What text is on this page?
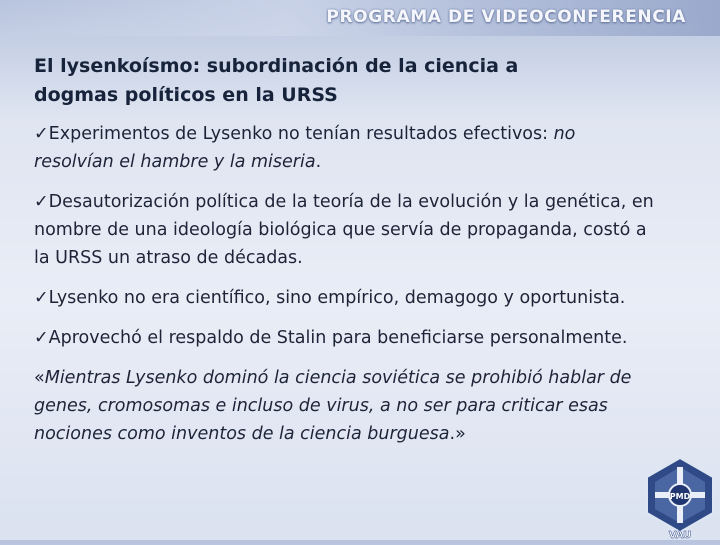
PROGRAMA DE VIDEOCONFERENCIA
El lysenkoísmo: subordinación de la ciencia a dogmas políticos en la URSS
✓Experimentos de Lysenko no tenían resultados efectivos: no resolvían el hambre y la miseria.
✓Desautorización política de la teoría de la evolución y la genética, en nombre de una ideología biológica que servía de propaganda, costó a la URSS un atraso de décadas.
✓Lysenko no era científico, sino empírico, demagogo y oportunista.
✓Aprovechó el respaldo de Stalin para beneficiarse personalmente.
«Mientras Lysenko dominó la ciencia soviética se prohibió hablar de genes, cromosomas e incluso de virus, a no ser para criticar esas nociones como inventos de la ciencia burguesa.»
PMD
VAU
